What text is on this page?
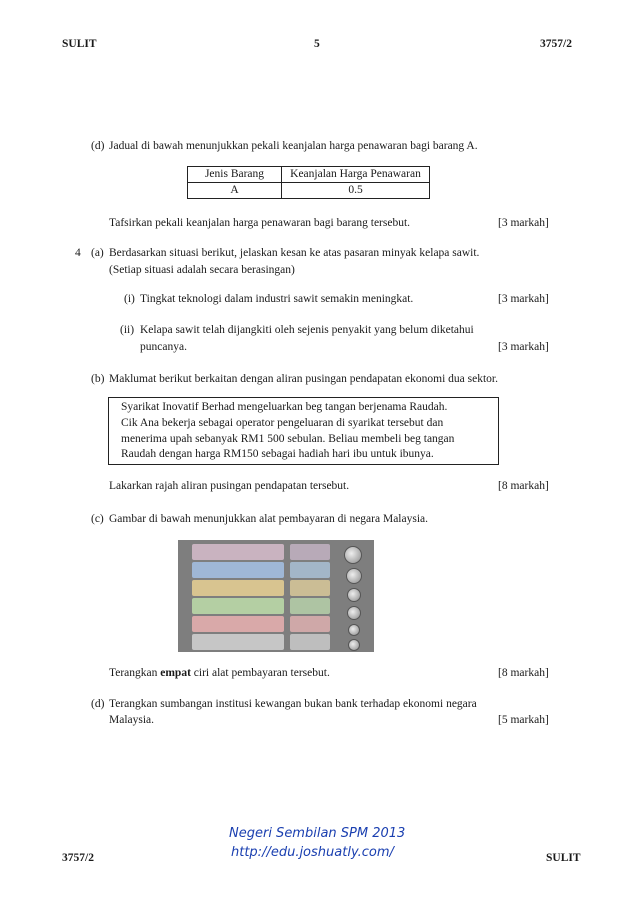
SULIT	5	3757/2
(d) Jadual di bawah menunjukkan pekali keanjalan harga penawaran bagi barang A.
Jenis Barang	Keanjalan Harga Penawaran
A	0.5
Tafsirkan pekali keanjalan harga penawaran bagi barang tersebut.	[3 markah]
4 (a) Berdasarkan situasi berikut, jelaskan kesan ke atas pasaran minyak kelapa sawit.
(Setiap situasi adalah secara berasingan)
(i) Tingkat teknologi dalam industri sawit semakin meningkat.	[3 markah]
(ii) Kelapa sawit telah dijangkiti oleh sejenis penyakit yang belum diketahui
puncanya.	[3 markah]
(b) Maklumat berikut berkaitan dengan aliran pusingan pendapatan ekonomi dua sektor.
Syarikat Inovatif Berhad mengeluarkan beg tangan berjenama Raudah.
Cik Ana bekerja sebagai operator pengeluaran di syarikat tersebut dan
menerima upah sebanyak RM1 500 sebulan. Beliau membeli beg tangan
Raudah dengan harga RM150 sebagai hadiah hari ibu untuk ibunya.
Lakarkan rajah aliran pusingan pendapatan tersebut.	[8 markah]
(c) Gambar di bawah menunjukkan alat pembayaran di negara Malaysia.
Terangkan empat ciri alat pembayaran tersebut.	[8 markah]
(d) Terangkan sumbangan institusi kewangan bukan bank terhadap ekonomi negara
Malaysia.	[5 markah]
Negeri Sembilan SPM 2013
http://edu.joshuatly.com/
3757/2	SULIT
